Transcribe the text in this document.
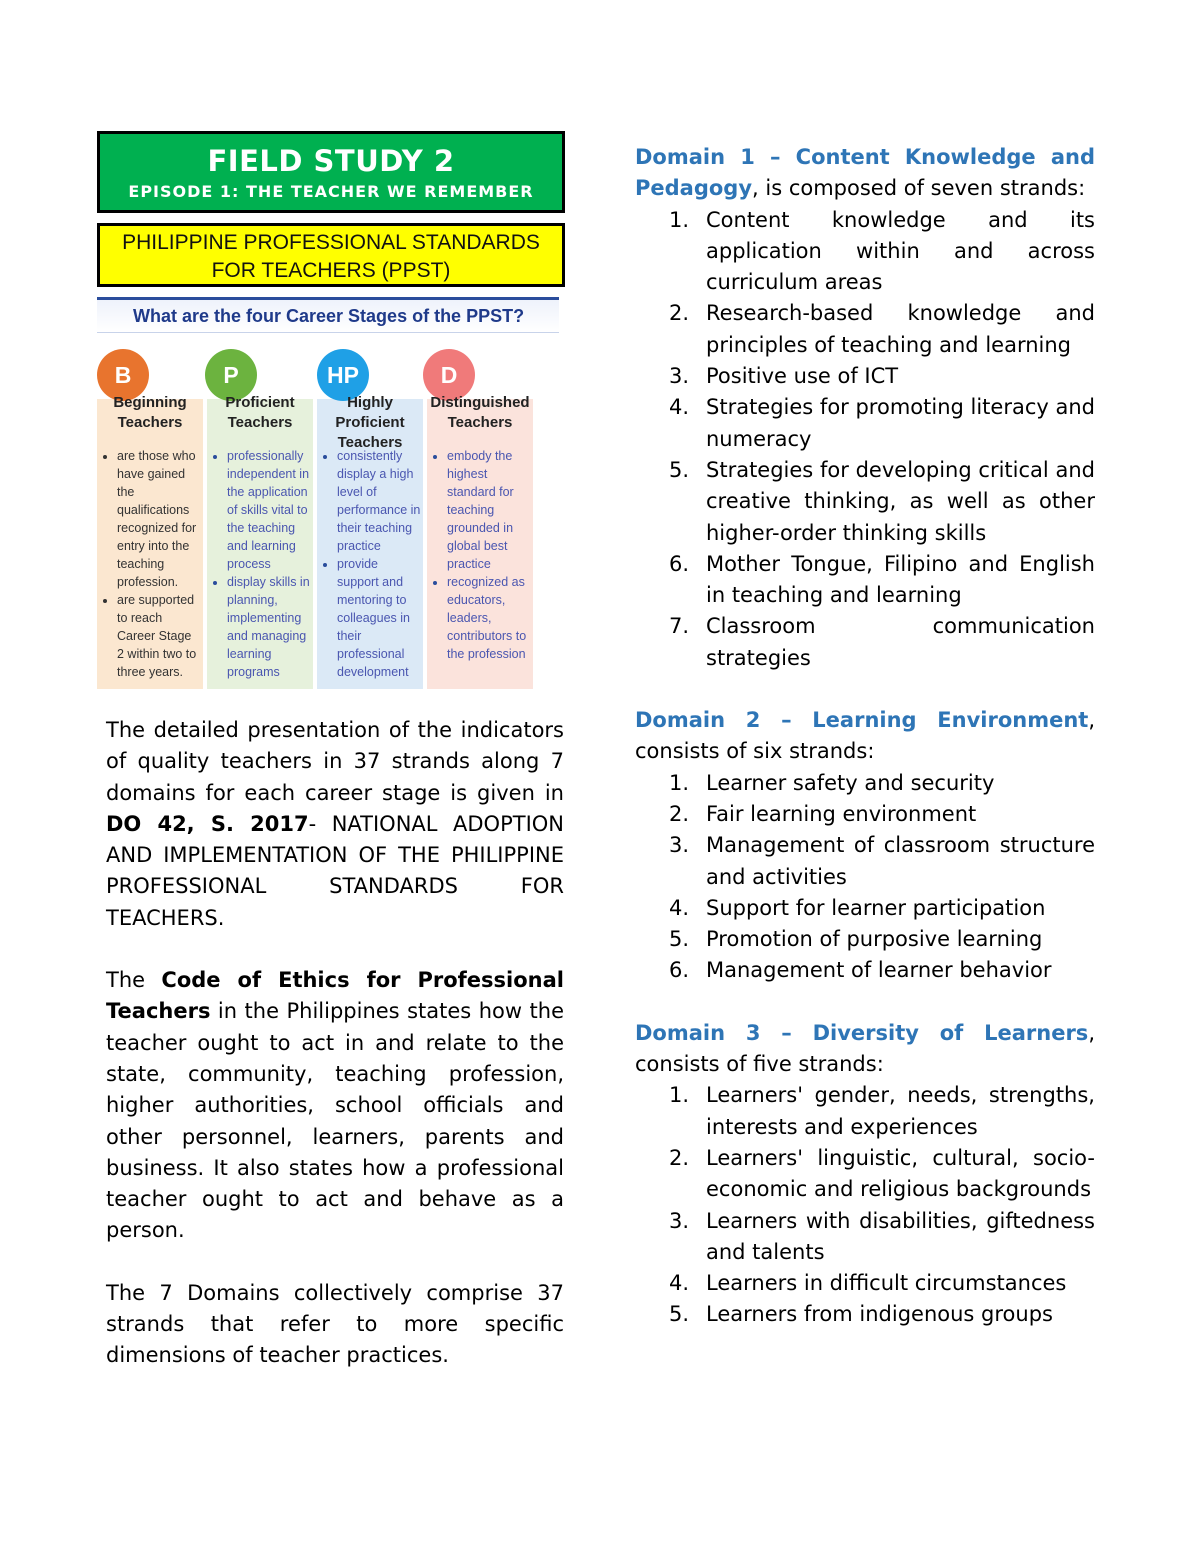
FIELD STUDY 2
EPISODE 1: THE TEACHER WE REMEMBER
PHILIPPINE PROFESSIONAL STANDARDS
FOR TEACHERS (PPST)
What are the four Career Stages of the PPST?
B
Beginning
Teachers
• are those who have gained the qualifications recognized for entry into the teaching profession.
• are supported to reach Career Stage 2 within two to three years.
P
Proficient
Teachers
• professionally independent in the application of skills vital to the teaching and learning process
• display skills in planning, implementing and managing learning programs
HP
Highly Proficient
Teachers
• consistently display a high level of performance in their teaching practice
• provide support and mentoring to colleagues in their professional development
D
Distinguished
Teachers
• embody the highest standard for teaching grounded in global best practice
• recognized as educators, leaders, contributors to the profession

The detailed presentation of the indicators of quality teachers in 37 strands along 7 domains for each career stage is given in DO 42, S. 2017- NATIONAL ADOPTION AND IMPLEMENTATION OF THE PHILIPPINE PROFESSIONAL STANDARDS FOR TEACHERS.

The Code of Ethics for Professional Teachers in the Philippines states how the teacher ought to act in and relate to the state, community, teaching profession, higher authorities, school officials and other personnel, learners, parents and business. It also states how a professional teacher ought to act and behave as a person.

The 7 Domains collectively comprise 37 strands that refer to more specific dimensions of teacher practices.

Domain 1 – Content Knowledge and Pedagogy, is composed of seven strands:
1. Content knowledge and its application within and across curriculum areas
2. Research-based knowledge and principles of teaching and learning
3. Positive use of ICT
4. Strategies for promoting literacy and numeracy
5. Strategies for developing critical and creative thinking, as well as other higher-order thinking skills
6. Mother Tongue, Filipino and English in teaching and learning
7. Classroom communication strategies
Domain 2 – Learning Environment, consists of six strands:
1. Learner safety and security
2. Fair learning environment
3. Management of classroom structure and activities
4. Support for learner participation
5. Promotion of purposive learning
6. Management of learner behavior
Domain 3 – Diversity of Learners, consists of five strands:
1. Learners' gender, needs, strengths, interests and experiences
2. Learners' linguistic, cultural, socio-economic and religious backgrounds
3. Learners with disabilities, giftedness and talents
4. Learners in difficult circumstances
5. Learners from indigenous groups
